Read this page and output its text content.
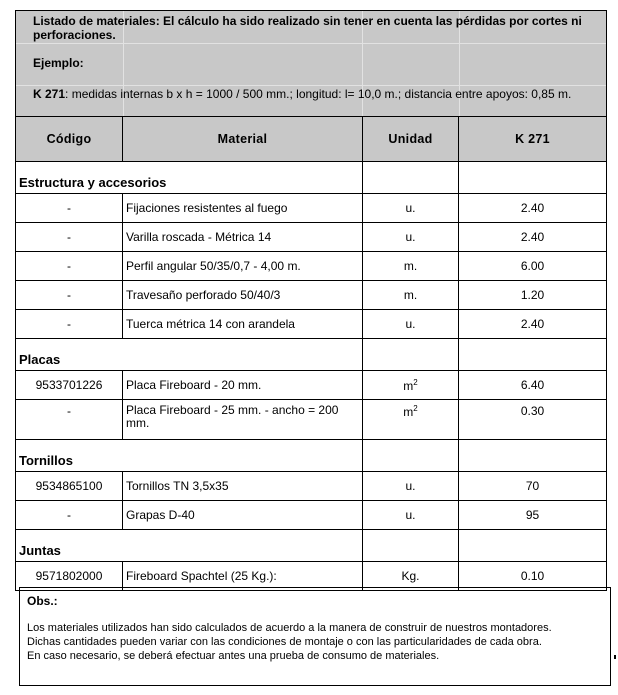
Listado de materiales: El cálculo ha sido realizado sin tener en cuenta las pérdidas por cortes ni perforaciones.
Ejemplo:
K 271: medidas internas b x h = 1000 / 500 mm.; longitud: l= 10,0 m.; distancia entre apoyos: 0,85 m.
Código	Material	Unidad	K 271
Estructura y accesorios			
-	Fijaciones resistentes al fuego	u.	2.40
-	Varilla roscada - Métrica 14	u.	2.40
-	Perfil angular 50/35/0,7 - 4,00 m.	m.	6.00
-	Travesaño perforado 50/40/3	m.	1.20
-	Tuerca métrica 14 con arandela	u.	2.40
Placas			
9533701226	Placa Fireboard - 20 mm.	$m^2$	6.40
-	Placa Fireboard - 25 mm. - ancho = 200 mm.	$m^2$	0.30
Tornillos			
9534865100	Tornillos TN 3,5x35	u.	70
-	Grapas D-40	u.	95
Juntas			
9571802000	Fireboard Spachtel (25 Kg.):	Kg.	0.10
Obs.:
Los materiales utilizados han sido calculados de acuerdo a la manera de construir de nuestros montadores.
Dichas cantidades pueden variar con las condiciones de montaje o con las particularidades de cada obra.
En caso necesario, se deberá efectuar antes una prueba de consumo de materiales.
